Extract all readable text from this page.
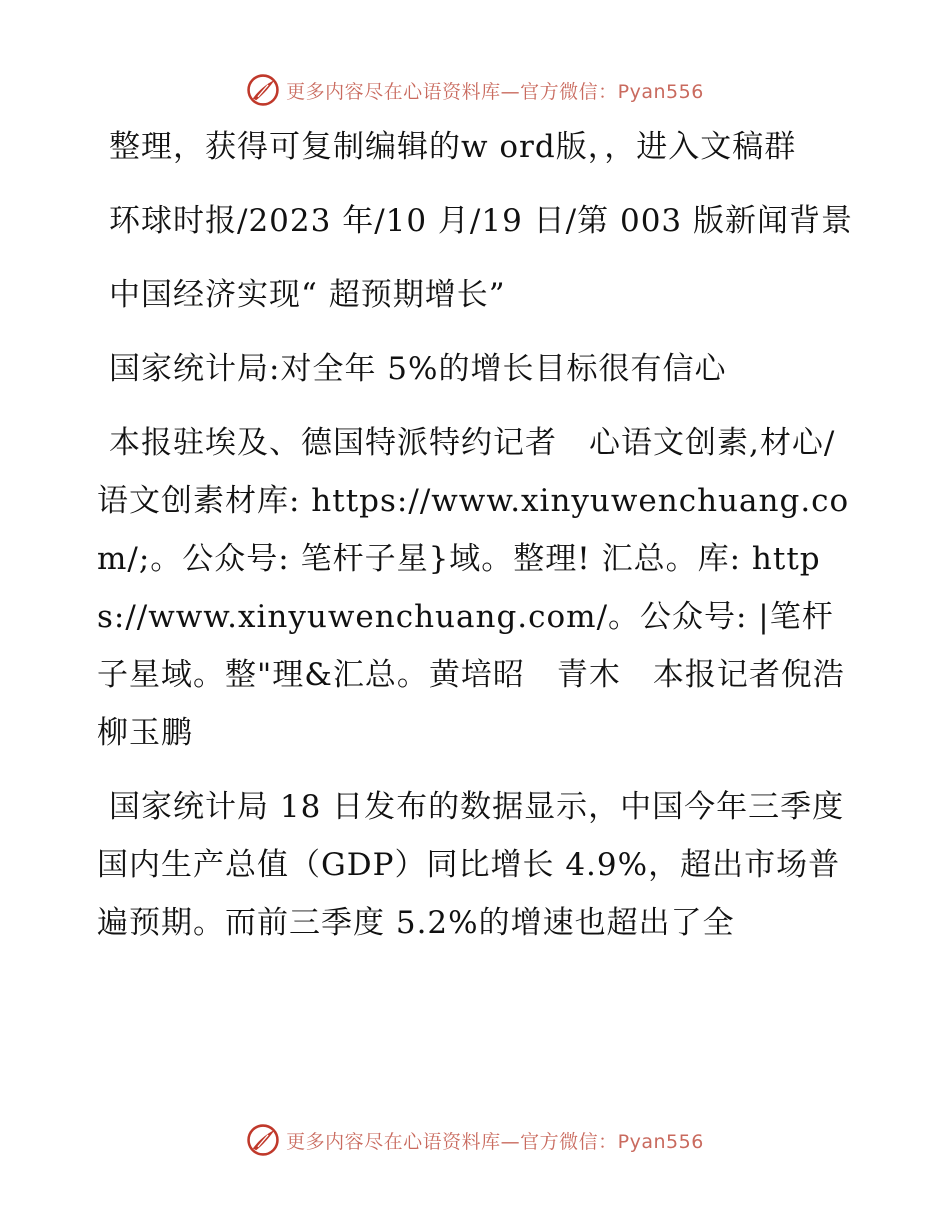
更多内容尽在心语资料库—官方微信：Pyan556

整理，获得可复制编辑的w ord版，，进入文稿群

环球时报/2023 年/10 月/19 日/第 003 版新闻背景

中国经济实现“ 超预期增长”

国家统计局:对全年 5%的增长目标很有信心

本报驻埃及、德国特派特约记者　心语文创素,材心/语文创素材库: https://www.xinyuwenchuang.com/;。公众号: 笔杆子星}域。整理! 汇总。库: https://www.xinyuwenchuang.com/。公众号: |笔杆子星域。整"理&汇总。黄培昭　青木　本报记者倪浩　柳玉鹏

国家统计局 18 日发布的数据显示，中国今年三季度国内生产总值（GDP）同比增长 4.9%，超出市场普遍预期。而前三季度 5.2%的增速也超出了全

更多内容尽在心语资料库—官方微信：Pyan556
